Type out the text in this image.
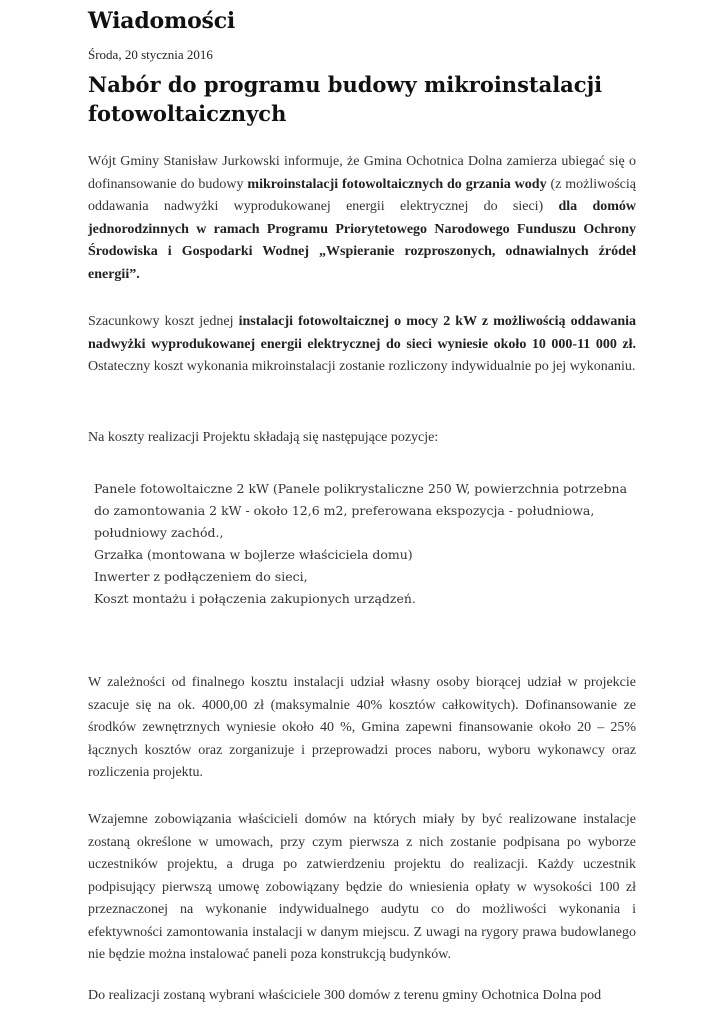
Wiadomości
Środa, 20 stycznia 2016
Nabór do programu budowy mikroinstalacji fotowoltaicznych

Wójt Gminy Stanisław Jurkowski informuje, że Gmina Ochotnica Dolna zamierza ubiegać się o dofinansowanie do budowy mikroinstalacji fotowoltaicznych do grzania wody (z możliwością oddawania nadwyżki wyprodukowanej energii elektrycznej do sieci) dla domów jednorodzinnych w ramach Programu Priorytetowego Narodowego Funduszu Ochrony Środowiska i Gospodarki Wodnej „Wspieranie rozproszonych, odnawialnych źródeł energii”.

Szacunkowy koszt jednej instalacji fotowoltaicznej o mocy 2 kW z możliwością oddawania nadwyżki wyprodukowanej energii elektrycznej do sieci wyniesie około 10 000-11 000 zł. Ostateczny koszt wykonania mikroinstalacji zostanie rozliczony indywidualnie po jej wykonaniu.

Na koszty realizacji Projektu składają się następujące pozycje:

Panele fotowoltaiczne 2 kW (Panele polikrystaliczne 250 W, powierzchnia potrzebna do zamontowania 2 kW - około 12,6 m2, preferowana ekspozycja - południowa, południowy zachód.,
Grzałka (montowana w bojlerze właściciela domu)
Inwerter z podłączeniem do sieci,
Koszt montażu i połączenia zakupionych urządzeń.

W zależności od finalnego kosztu instalacji udział własny osoby biorącej udział w projekcie szacuje się na ok. 4000,00 zł (maksymalnie 40% kosztów całkowitych). Dofinansowanie ze środków zewnętrznych wyniesie około 40 %, Gmina zapewni finansowanie około 20 – 25% łącznych kosztów oraz zorganizuje i przeprowadzi proces naboru, wyboru wykonawcy oraz rozliczenia projektu.

Wzajemne zobowiązania właścicieli domów na których miały by być realizowane instalacje zostaną określone w umowach, przy czym pierwsza z nich zostanie podpisana po wyborze uczestników projektu, a druga po zatwierdzeniu projektu do realizacji. Każdy uczestnik podpisujący pierwszą umowę zobowiązany będzie do wniesienia opłaty w wysokości 100 zł przeznaczonej na wykonanie indywidualnego audytu co do możliwości wykonania i efektywności zamontowania instalacji w danym miejscu. Z uwagi na rygory prawa budowlanego nie będzie można instalować paneli poza konstrukcją budynków.

Do realizacji zostaną wybrani właściciele 300 domów z terenu gminy Ochotnica Dolna pod
